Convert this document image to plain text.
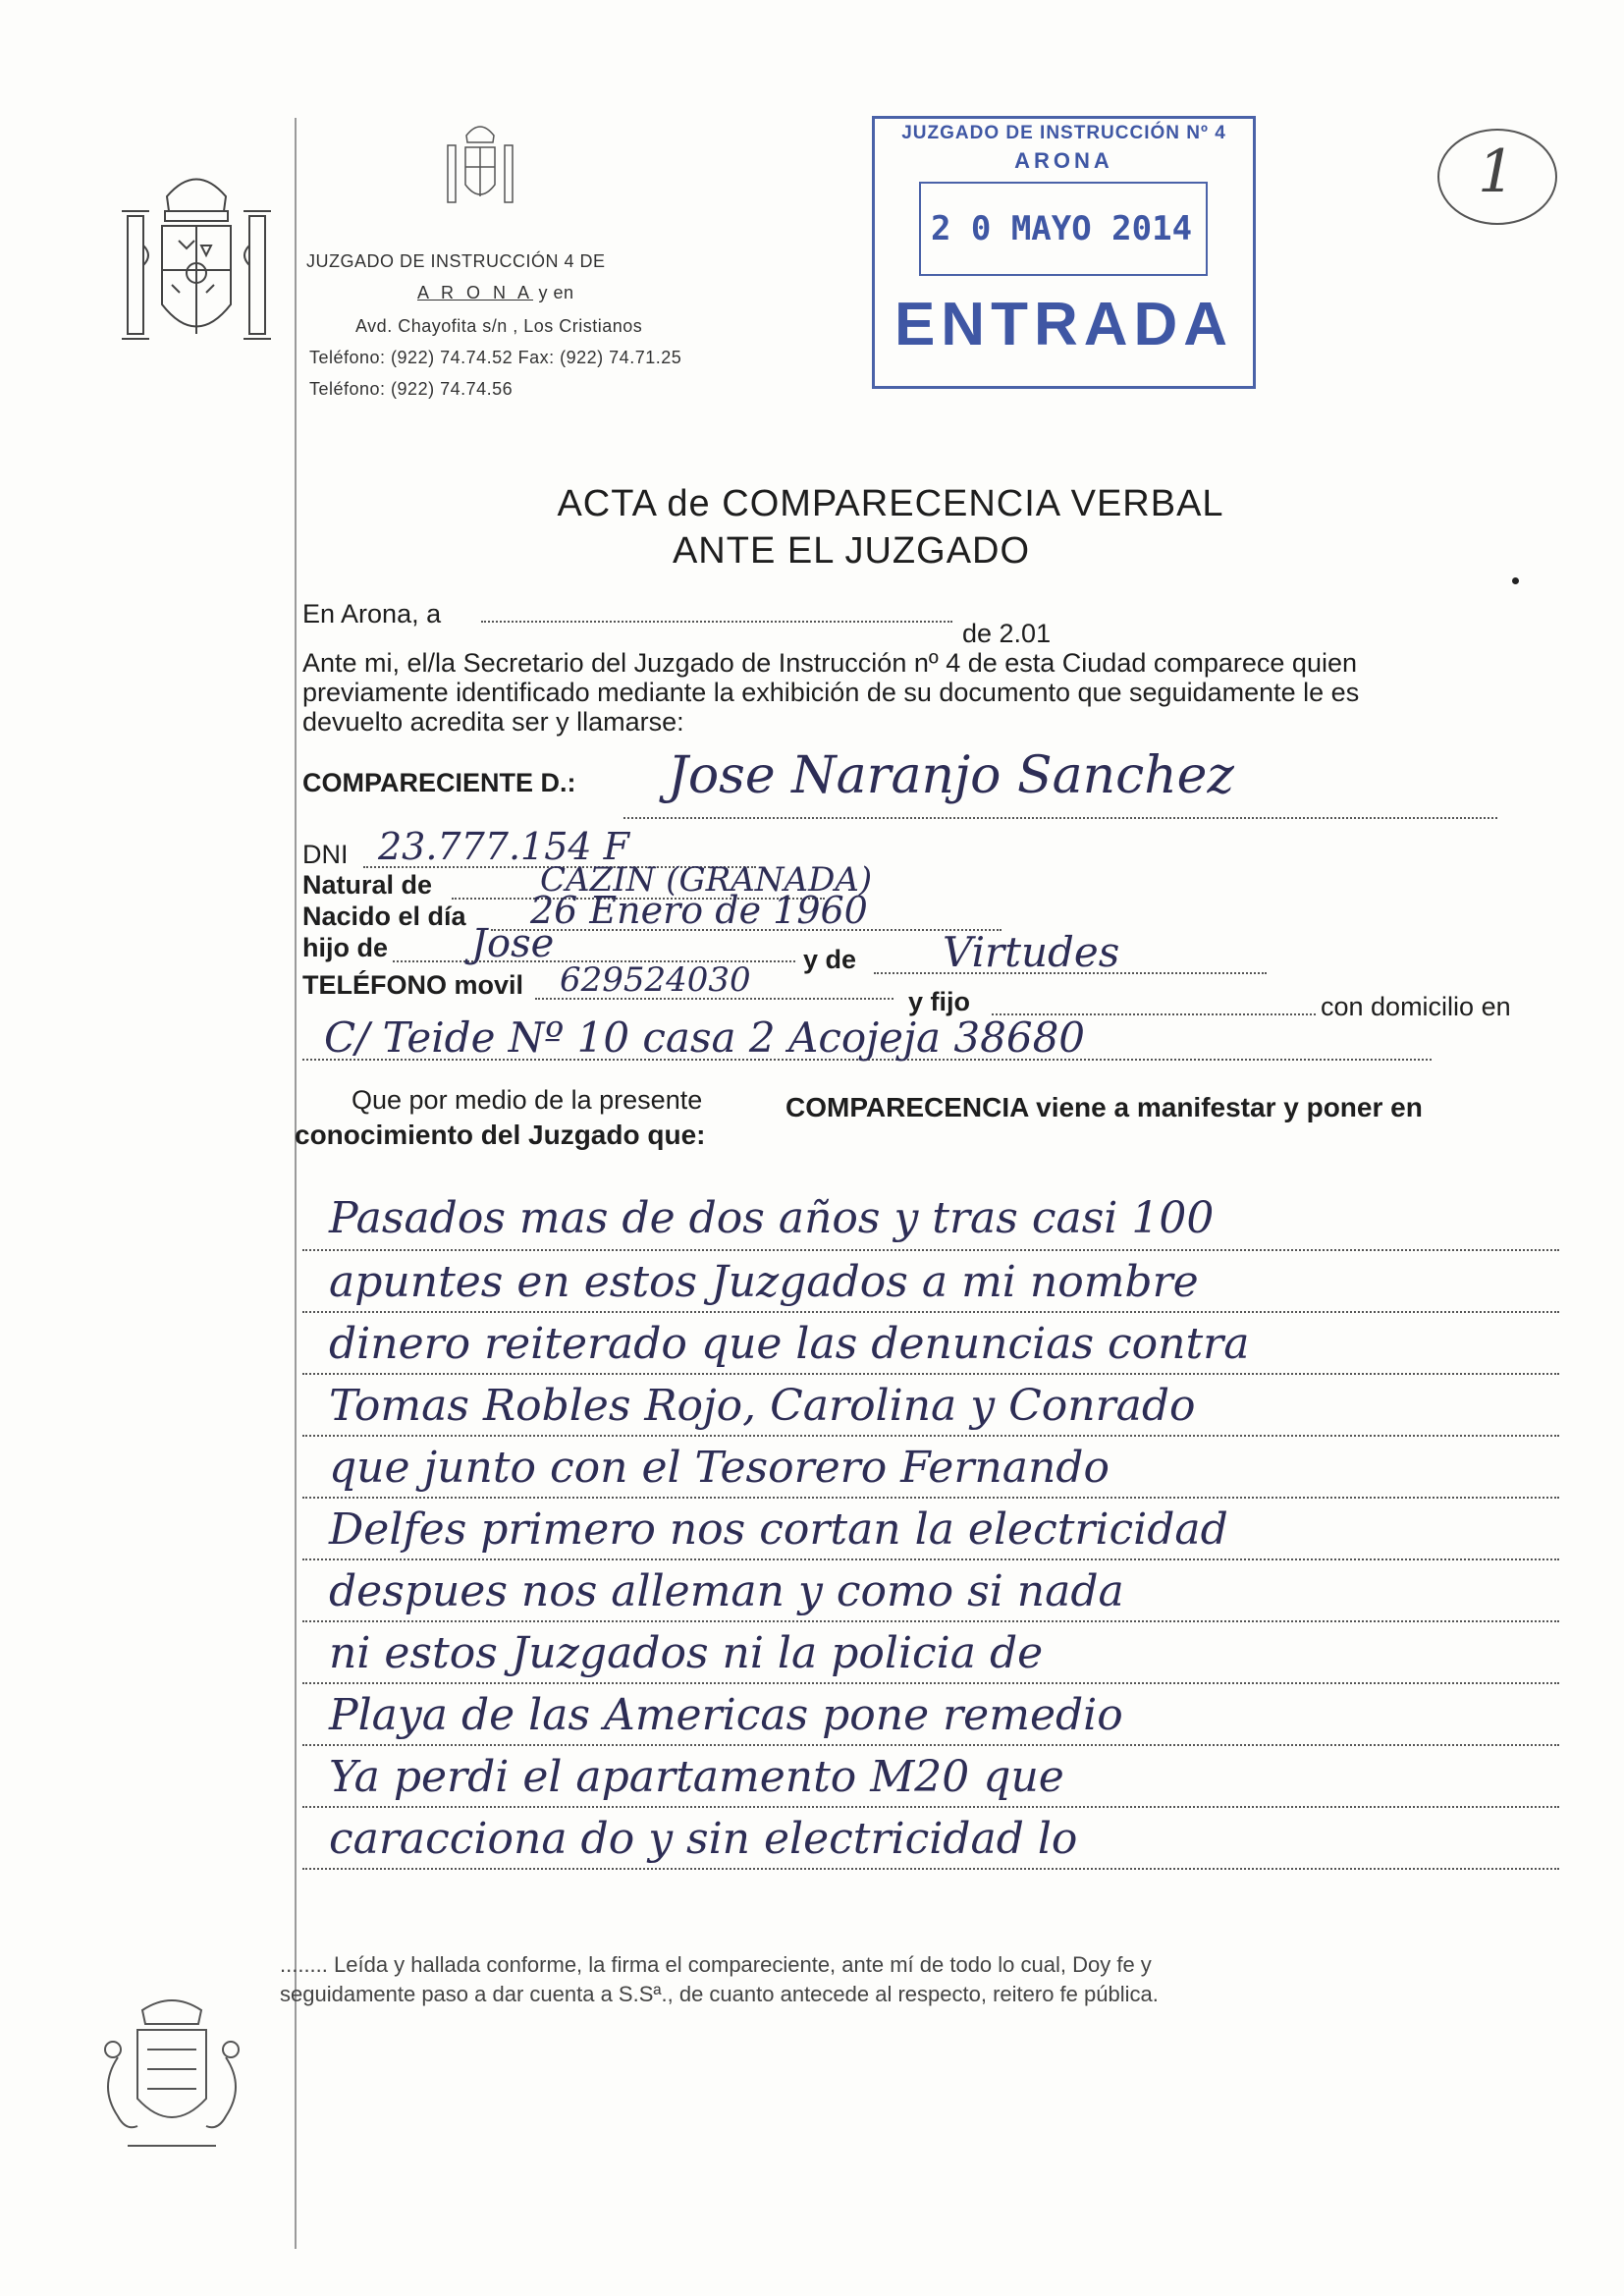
JUZGADO DE INSTRUCCIÓN 4 DE
A R O N A y en
Avd. Chayofita s/n , Los Cristianos
Teléfono: (922) 74.74.52 Fax: (922) 74.71.25
Teléfono: (922) 74.74.56
JUZGADO DE INSTRUCCIÓN Nº 4
ARONA
2 0 MAYO 2014
ENTRADA
1
ACTA de COMPARECENCIA VERBAL
ANTE EL JUZGADO
En Arona, a
de 2.01
Ante mi, el/la Secretario del Juzgado de Instrucción nº 4 de esta Ciudad comparece quien
previamente identificado mediante la exhibición de su documento que seguidamente le es
devuelto acredita ser y llamarse:
COMPARECIENTE D.: Jose Naranjo Sanchez
DNI 23.777.154 F
Natural de	CAZIN (GRANADA)
Nacido el día 26 Enero de 1960
hijo de Jose	y de Virtudes
TELÉFONO movil 629524030
y fijo	con domicilio en
C/ Teide Nº 10 casa 2 Acojeja 38680
Que por medio de la presente	COMPARECENCIA viene a manifestar y poner en
conocimiento del Juzgado que:
Pasados mas de dos años y tras casi 100
apuntes en estos Juzgados a mi nombre
dinero reiterado que las denuncias contra
Tomas Robles Rojo, Carolina y Conrado
que junto con el Tesorero Fernando
Delfes primero nos cortan la electricidad
despues nos alleman y como si nada
ni estos Juzgados ni la policia de
Playa de las Americas pone remedio
Ya perdi el apartamento M20 que
caracciona do y sin electricidad lo
........ Leída y hallada conforme, la firma el compareciente, ante mí de todo lo cual, Doy fe y
seguidamente paso a dar cuenta a S.Sª., de cuanto antecede al respecto, reitero fe pública.
